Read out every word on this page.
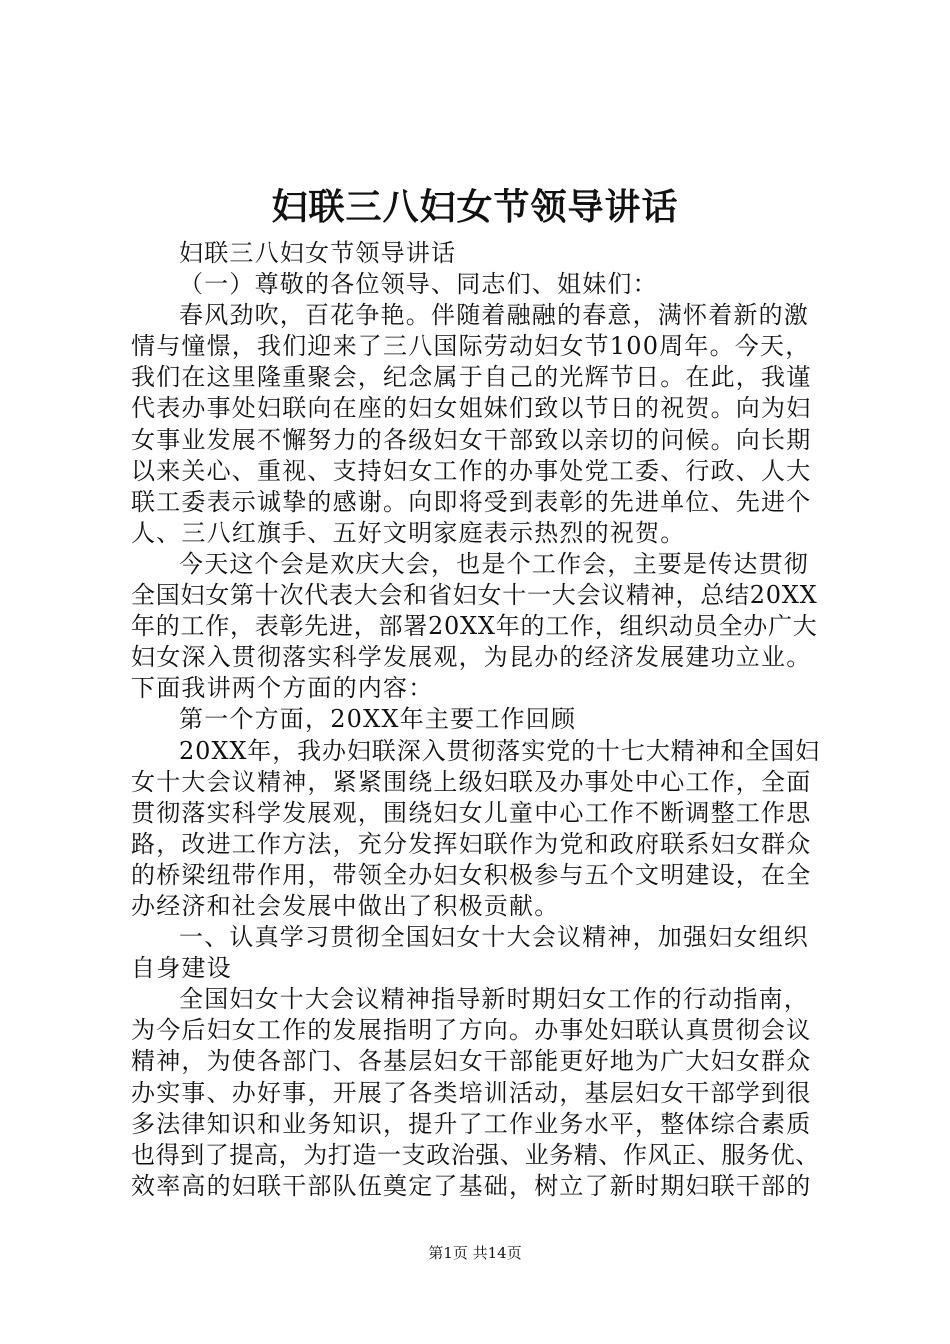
妇联三八妇女节领导讲话
妇联三八妇女节领导讲话
（一）尊敬的各位领导、同志们、姐妹们：
春风劲吹，百花争艳。伴随着融融的春意，满怀着新的激
情与憧憬，我们迎来了三八国际劳动妇女节100周年。今天，
我们在这里隆重聚会，纪念属于自己的光辉节日。在此，我谨
代表办事处妇联向在座的妇女姐妹们致以节日的祝贺。向为妇
女事业发展不懈努力的各级妇女干部致以亲切的问候。向长期
以来关心、重视、支持妇女工作的办事处党工委、行政、人大
联工委表示诚挚的感谢。向即将受到表彰的先进单位、先进个
人、三八红旗手、五好文明家庭表示热烈的祝贺。
今天这个会是欢庆大会，也是个工作会，主要是传达贯彻
全国妇女第十次代表大会和省妇女十一大会议精神，总结20XX
年的工作，表彰先进，部署20XX年的工作，组织动员全办广大
妇女深入贯彻落实科学发展观，为昆办的经济发展建功立业。
下面我讲两个方面的内容：
第一个方面，20XX年主要工作回顾
20XX年，我办妇联深入贯彻落实党的十七大精神和全国妇
女十大会议精神，紧紧围绕上级妇联及办事处中心工作，全面
贯彻落实科学发展观，围绕妇女儿童中心工作不断调整工作思
路，改进工作方法，充分发挥妇联作为党和政府联系妇女群众
的桥梁纽带作用，带领全办妇女积极参与五个文明建设，在全
办经济和社会发展中做出了积极贡献。
一、认真学习贯彻全国妇女十大会议精神，加强妇女组织
自身建设
全国妇女十大会议精神指导新时期妇女工作的行动指南，
为今后妇女工作的发展指明了方向。办事处妇联认真贯彻会议
精神，为使各部门、各基层妇女干部能更好地为广大妇女群众
办实事、办好事，开展了各类培训活动，基层妇女干部学到很
多法律知识和业务知识，提升了工作业务水平，整体综合素质
也得到了提高，为打造一支政治强、业务精、作风正、服务优、
效率高的妇联干部队伍奠定了基础，树立了新时期妇联干部的
第1页 共14页
